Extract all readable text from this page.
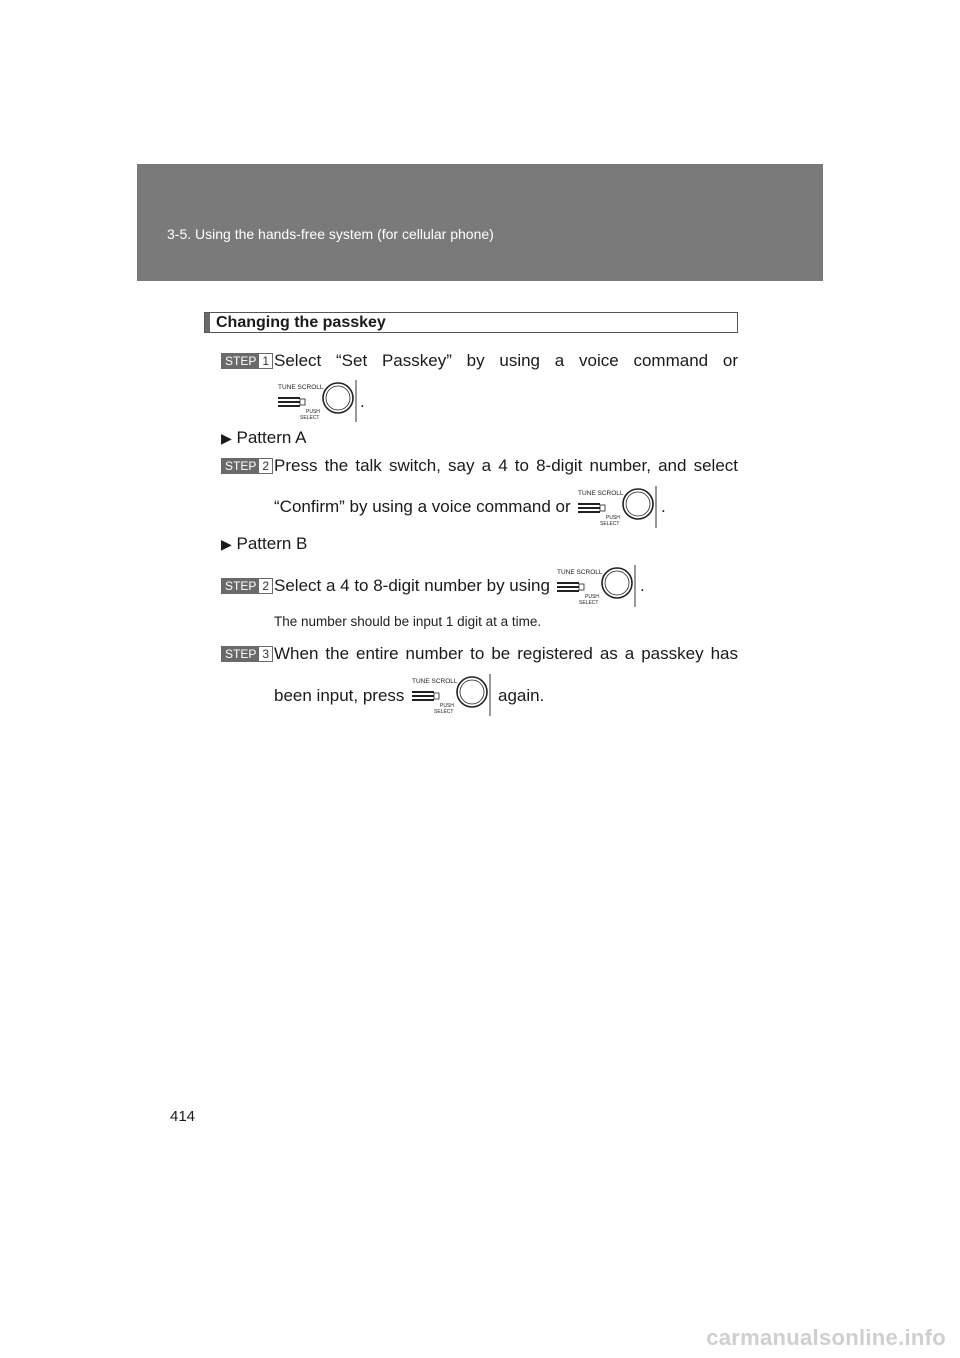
3-5. Using the hands-free system (for cellular phone)
Changing the passkey
STEP 1 Select “Set Passkey” by using a voice command or
TUNE SCROLL
PUSH
SELECT
.
▶ Pattern A
STEP 2 Press the talk switch, say a 4 to 8-digit number, and select
“Confirm” by using a voice command or
TUNE SCROLL
PUSH
SELECT
.
▶ Pattern B
STEP 2 Select a 4 to 8-digit number by using
TUNE SCROLL
PUSH
SELECT
.
The number should be input 1 digit at a time.
STEP 3 When the entire number to be registered as a passkey has
been input, press
TUNE SCROLL
PUSH
SELECT
again.
414
carmanualsonline.info
